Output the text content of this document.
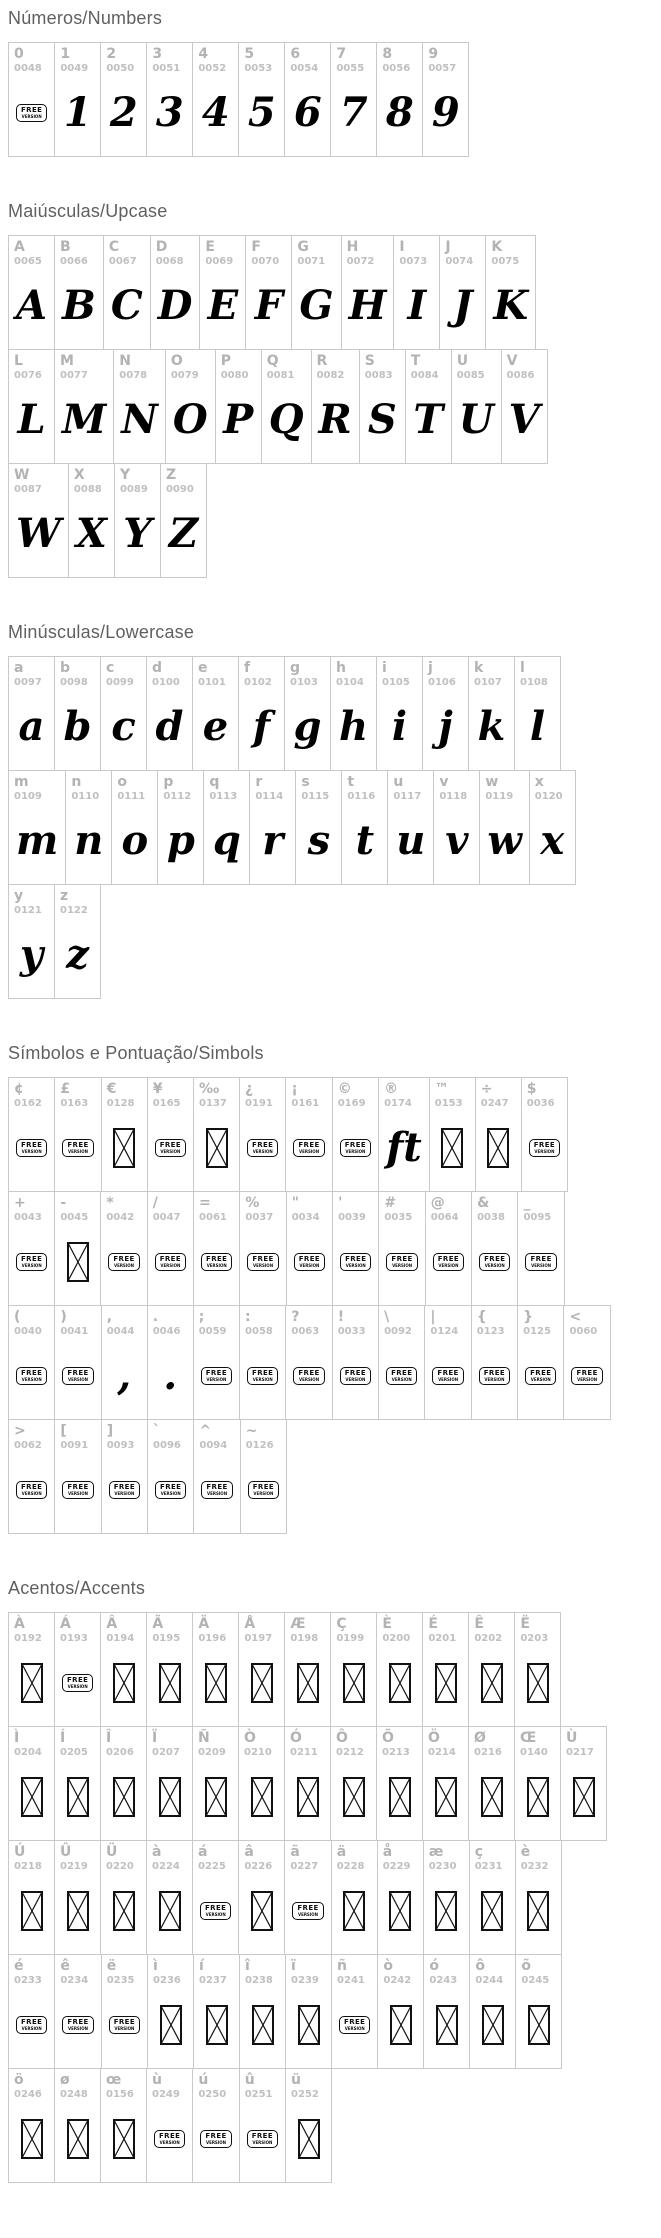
Números/Numbers
0
0048
FREE
VERSION
1
0049
1
2
0050
2
3
0051
3
4
0052
4
5
0053
5
6
0054
6
7
0055
7
8
0056
8
9
0057
9
Maiúsculas/Upcase
A
0065
A
B
0066
B
C
0067
C
D
0068
D
E
0069
E
F
0070
F
G
0071
G
H
0072
H
I
0073
I
J
0074
J
K
0075
K
L
0076
L
M
0077
M
N
0078
N
O
0079
O
P
0080
P
Q
0081
Q
R
0082
R
S
0083
S
T
0084
T
U
0085
U
V
0086
V
W
0087
W
X
0088
X
Y
0089
Y
Z
0090
Z
Minúsculas/Lowercase
a
0097
a
b
0098
b
c
0099
c
d
0100
d
e
0101
e
f
0102
f
g
0103
g
h
0104
h
i
0105
i
j
0106
j
k
0107
k
l
0108
l
m
0109
m
n
0110
n
o
0111
o
p
0112
p
q
0113
q
r
0114
r
s
0115
s
t
0116
t
u
0117
u
v
0118
v
w
0119
w
x
0120
x
y
0121
y
z
0122
z
Símbolos e Pontuação/Simbols
¢
0162
FREE
VERSION
£
0163
FREE
VERSION
€
0128
¥
0165
FREE
VERSION
‰
0137
¿
0191
FREE
VERSION
¡
0161
FREE
VERSION
©
0169
FREE
VERSION
®
0174
ft
™
0153
÷
0247
$
0036
FREE
VERSION
+
0043
FREE
VERSION
-
0045
*
0042
FREE
VERSION
/
0047
FREE
VERSION
=
0061
FREE
VERSION
%
0037
FREE
VERSION
"
0034
FREE
VERSION
'
0039
FREE
VERSION
#
0035
FREE
VERSION
@
0064
FREE
VERSION
&
0038
FREE
VERSION
_
0095
FREE
VERSION
(
0040
FREE
VERSION
)
0041
FREE
VERSION
,
0044
,
.
0046
.
;
0059
FREE
VERSION
:
0058
FREE
VERSION
?
0063
FREE
VERSION
!
0033
FREE
VERSION
\
0092
FREE
VERSION
|
0124
FREE
VERSION
{
0123
FREE
VERSION
}
0125
FREE
VERSION
<
0060
FREE
VERSION
>
0062
FREE
VERSION
[
0091
FREE
VERSION
]
0093
FREE
VERSION
`
0096
FREE
VERSION
^
0094
FREE
VERSION
~
0126
FREE
VERSION
Acentos/Accents
À
0192
Á
0193
FREE
VERSION
Â
0194
Ã
0195
Ä
0196
Å
0197
Æ
0198
Ç
0199
È
0200
É
0201
Ê
0202
Ë
0203
Ì
0204
Í
0205
Î
0206
Ï
0207
Ñ
0209
Ò
0210
Ó
0211
Ô
0212
Õ
0213
Ö
0214
Ø
0216
Œ
0140
Ù
0217
Ú
0218
Û
0219
Ü
0220
à
0224
á
0225
FREE
VERSION
â
0226
ã
0227
FREE
VERSION
ä
0228
å
0229
æ
0230
ç
0231
è
0232
é
0233
FREE
VERSION
ê
0234
FREE
VERSION
ë
0235
FREE
VERSION
ì
0236
í
0237
î
0238
ï
0239
ñ
0241
FREE
VERSION
ò
0242
ó
0243
ô
0244
õ
0245
ö
0246
ø
0248
œ
0156
ù
0249
FREE
VERSION
ú
0250
FREE
VERSION
û
0251
FREE
VERSION
ü
0252
